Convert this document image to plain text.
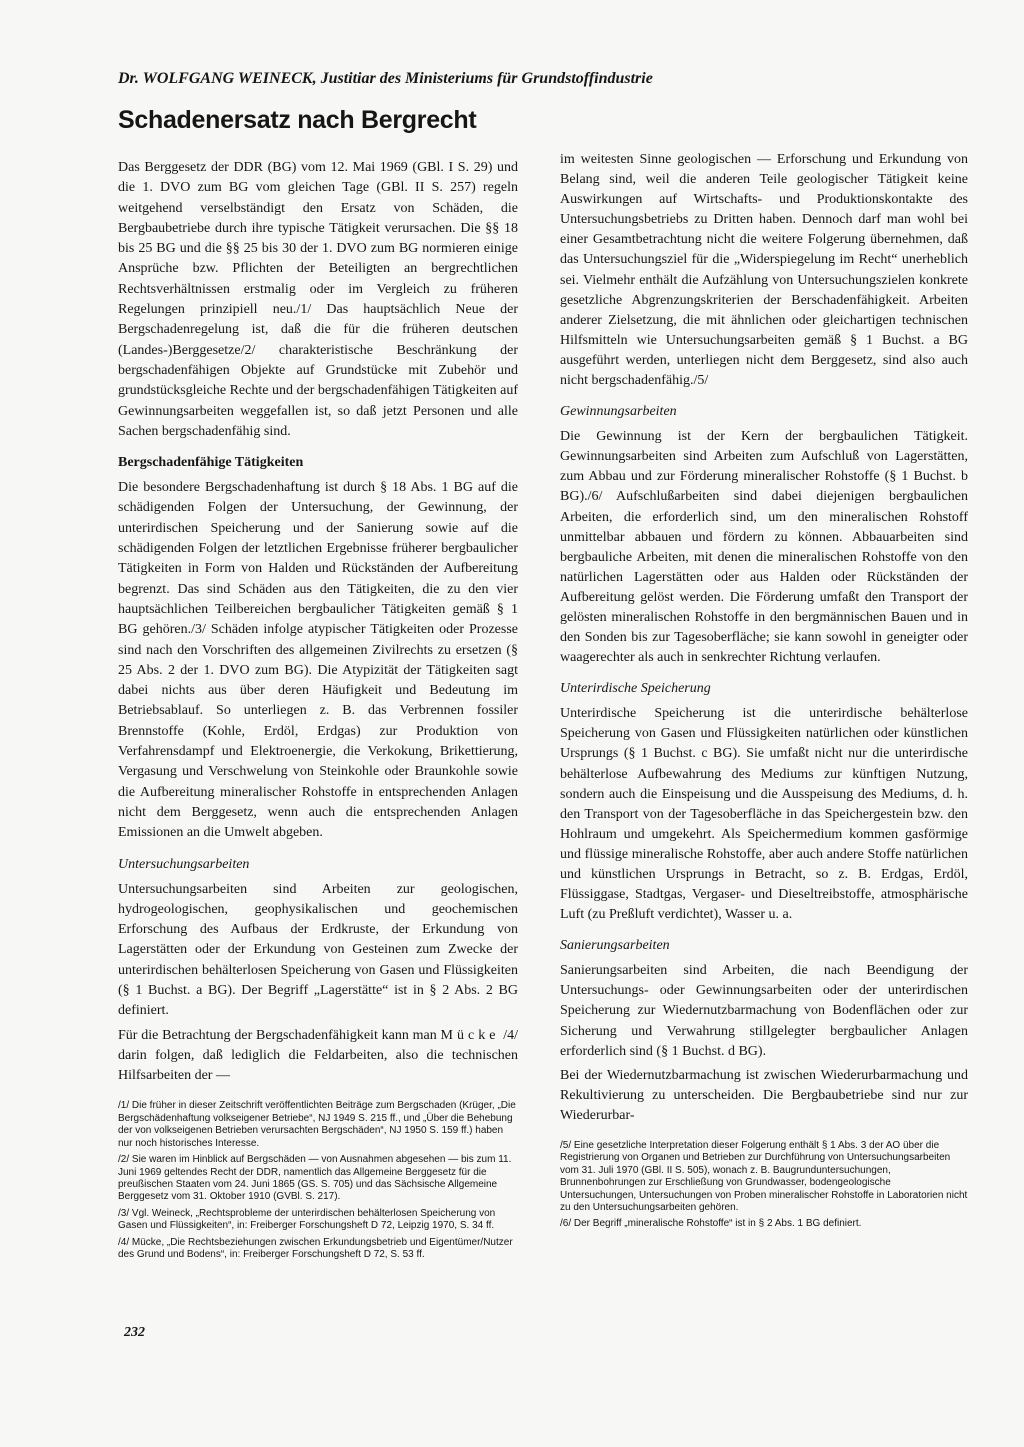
Dr. WOLFGANG WEINECK, Justitiar des Ministeriums für Grundstoffindustrie
Schadenersatz nach Bergrecht

Das Berggesetz der DDR (BG) vom 12. Mai 1969 (GBl. I S. 29) und die 1. DVO zum BG vom gleichen Tage (GBl. II S. 257) regeln weitgehend verselbständigt den Ersatz von Schäden, die Bergbaubetriebe durch ihre typische Tätigkeit verursachen. Die §§ 18 bis 25 BG und die §§ 25 bis 30 der 1. DVO zum BG normieren einige Ansprüche bzw. Pflichten der Beteiligten an bergrechtlichen Rechtsverhältnissen erstmalig oder im Vergleich zu früheren Regelungen prinzipiell neu./1/ Das hauptsächlich Neue der Bergschadenregelung ist, daß die für die früheren deutschen (Landes-)Berggesetze/2/ charakteristische Beschränkung der bergschadenfähigen Objekte auf Grundstücke mit Zubehör und grundstücksgleiche Rechte und der bergschadenfähigen Tätigkeiten auf Gewinnungsarbeiten weggefallen ist, so daß jetzt Personen und alle Sachen bergschadenfähig sind.

Bergschadenfähige Tätigkeiten

Die besondere Bergschadenhaftung ist durch § 18 Abs. 1 BG auf die schädigenden Folgen der Untersuchung, der Gewinnung, der unterirdischen Speicherung und der Sanierung sowie auf die schädigenden Folgen der letztlichen Ergebnisse früherer bergbaulicher Tätigkeiten in Form von Halden und Rückständen der Aufbereitung begrenzt. Das sind Schäden aus den Tätigkeiten, die zu den vier hauptsächlichen Teilbereichen bergbaulicher Tätigkeiten gemäß § 1 BG gehören./3/ Schäden infolge atypischer Tätigkeiten oder Prozesse sind nach den Vorschriften des allgemeinen Zivilrechts zu ersetzen (§ 25 Abs. 2 der 1. DVO zum BG). Die Atypizität der Tätigkeiten sagt dabei nichts aus über deren Häufigkeit und Bedeutung im Betriebsablauf. So unterliegen z. B. das Verbrennen fossiler Brennstoffe (Kohle, Erdöl, Erdgas) zur Produktion von Verfahrensdampf und Elektroenergie, die Verkokung, Brikettierung, Vergasung und Verschwelung von Steinkohle oder Braunkohle sowie die Aufbereitung mineralischer Rohstoffe in entsprechenden Anlagen nicht dem Berggesetz, wenn auch die entsprechenden Anlagen Emissionen an die Umwelt abgeben.

Untersuchungsarbeiten

Untersuchungsarbeiten sind Arbeiten zur geologischen, hydrogeologischen, geophysikalischen und geochemischen Erforschung des Aufbaus der Erdkruste, der Erkundung von Lagerstätten oder der Erkundung von Gesteinen zum Zwecke der unterirdischen behälterlosen Speicherung von Gasen und Flüssigkeiten (§ 1 Buchst. a BG). Der Begriff „Lagerstätte“ ist in § 2 Abs. 2 BG definiert.

Für die Betrachtung der Bergschadenfähigkeit kann man Mücke /4/ darin folgen, daß lediglich die Feldarbeiten, also die technischen Hilfsarbeiten der —

/1/ Die früher in dieser Zeitschrift veröffentlichten Beiträge zum Bergschaden (Krüger, „Die Bergschädenhaftung volkseigener Betriebe“, NJ 1949 S. 215 ff., und „Über die Behebung der von volkseigenen Betrieben verursachten Bergschäden“, NJ 1950 S. 159 ff.) haben nur noch historisches Interesse.

/2/ Sie waren im Hinblick auf Bergschäden — von Ausnahmen abgesehen — bis zum 11. Juni 1969 geltendes Recht der DDR, namentlich das Allgemeine Berggesetz für die preußischen Staaten vom 24. Juni 1865 (GS. S. 705) und das Sächsische Allgemeine Berggesetz vom 31. Oktober 1910 (GVBl. S. 217).

/3/ Vgl. Weineck, „Rechtsprobleme der unterirdischen behälterlosen Speicherung von Gasen und Flüssigkeiten“, in: Freiberger Forschungsheft D 72, Leipzig 1970, S. 34 ff.

/4/ Mücke, „Die Rechtsbeziehungen zwischen Erkundungsbetrieb und Eigentümer/Nutzer des Grund und Bodens“, in: Freiberger Forschungsheft D 72, S. 53 ff.

im weitesten Sinne geologischen — Erforschung und Erkundung von Belang sind, weil die anderen Teile geologischer Tätigkeit keine Auswirkungen auf Wirtschafts- und Produktionskontakte des Untersuchungsbetriebs zu Dritten haben. Dennoch darf man wohl bei einer Gesamtbetrachtung nicht die weitere Folgerung übernehmen, daß das Untersuchungsziel für die „Widerspiegelung im Recht“ unerheblich sei. Vielmehr enthält die Aufzählung von Untersuchungszielen konkrete gesetzliche Abgrenzungskriterien der Berschadenfähigkeit. Arbeiten anderer Zielsetzung, die mit ähnlichen oder gleichartigen technischen Hilfsmitteln wie Untersuchungsarbeiten gemäß § 1 Buchst. a BG ausgeführt werden, unterliegen nicht dem Berggesetz, sind also auch nicht bergschadenfähig./5/

Gewinnungsarbeiten

Die Gewinnung ist der Kern der bergbaulichen Tätigkeit. Gewinnungsarbeiten sind Arbeiten zum Aufschluß von Lagerstätten, zum Abbau und zur Förderung mineralischer Rohstoffe (§ 1 Buchst. b BG)./6/ Aufschlußarbeiten sind dabei diejenigen bergbaulichen Arbeiten, die erforderlich sind, um den mineralischen Rohstoff unmittelbar abbauen und fördern zu können. Abbauarbeiten sind bergbauliche Arbeiten, mit denen die mineralischen Rohstoffe von den natürlichen Lagerstätten oder aus Halden oder Rückständen der Aufbereitung gelöst werden. Die Förderung umfaßt den Transport der gelösten mineralischen Rohstoffe in den bergmännischen Bauen und in den Sonden bis zur Tagesoberfläche; sie kann sowohl in geneigter oder waagerechter als auch in senkrechter Richtung verlaufen.

Unterirdische Speicherung

Unterirdische Speicherung ist die unterirdische behälterlose Speicherung von Gasen und Flüssigkeiten natürlichen oder künstlichen Ursprungs (§ 1 Buchst. c BG). Sie umfaßt nicht nur die unterirdische behälterlose Aufbewahrung des Mediums zur künftigen Nutzung, sondern auch die Einspeisung und die Ausspeisung des Mediums, d. h. den Transport von der Tagesoberfläche in das Speichergestein bzw. den Hohlraum und umgekehrt. Als Speichermedium kommen gasförmige und flüssige mineralische Rohstoffe, aber auch andere Stoffe natürlichen und künstlichen Ursprungs in Betracht, so z. B. Erdgas, Erdöl, Flüssiggase, Stadtgas, Vergaser- und Dieseltreibstoffe, atmosphärische Luft (zu Preßluft verdichtet), Wasser u. a.

Sanierungsarbeiten

Sanierungsarbeiten sind Arbeiten, die nach Beendigung der Untersuchungs- oder Gewinnungsarbeiten oder der unterirdischen Speicherung zur Wiedernutzbarmachung von Bodenflächen oder zur Sicherung und Verwahrung stillgelegter bergbaulicher Anlagen erforderlich sind (§ 1 Buchst. d BG).

Bei der Wiedernutzbarmachung ist zwischen Wiederurbarmachung und Rekultivierung zu unterscheiden. Die Bergbaubetriebe sind nur zur Wiederurbar-

/5/ Eine gesetzliche Interpretation dieser Folgerung enthält § 1 Abs. 3 der AO über die Registrierung von Organen und Betrieben zur Durchführung von Untersuchungsarbeiten vom 31. Juli 1970 (GBl. II S. 505), wonach z. B. Baugrunduntersuchungen, Brunnenbohrungen zur Erschließung von Grundwasser, bodengeologische Untersuchungen, Untersuchungen von Proben mineralischer Rohstoffe in Laboratorien nicht zu den Untersuchungsarbeiten gehören.

/6/ Der Begriff „mineralische Rohstoffe“ ist in § 2 Abs. 1 BG definiert.

232
